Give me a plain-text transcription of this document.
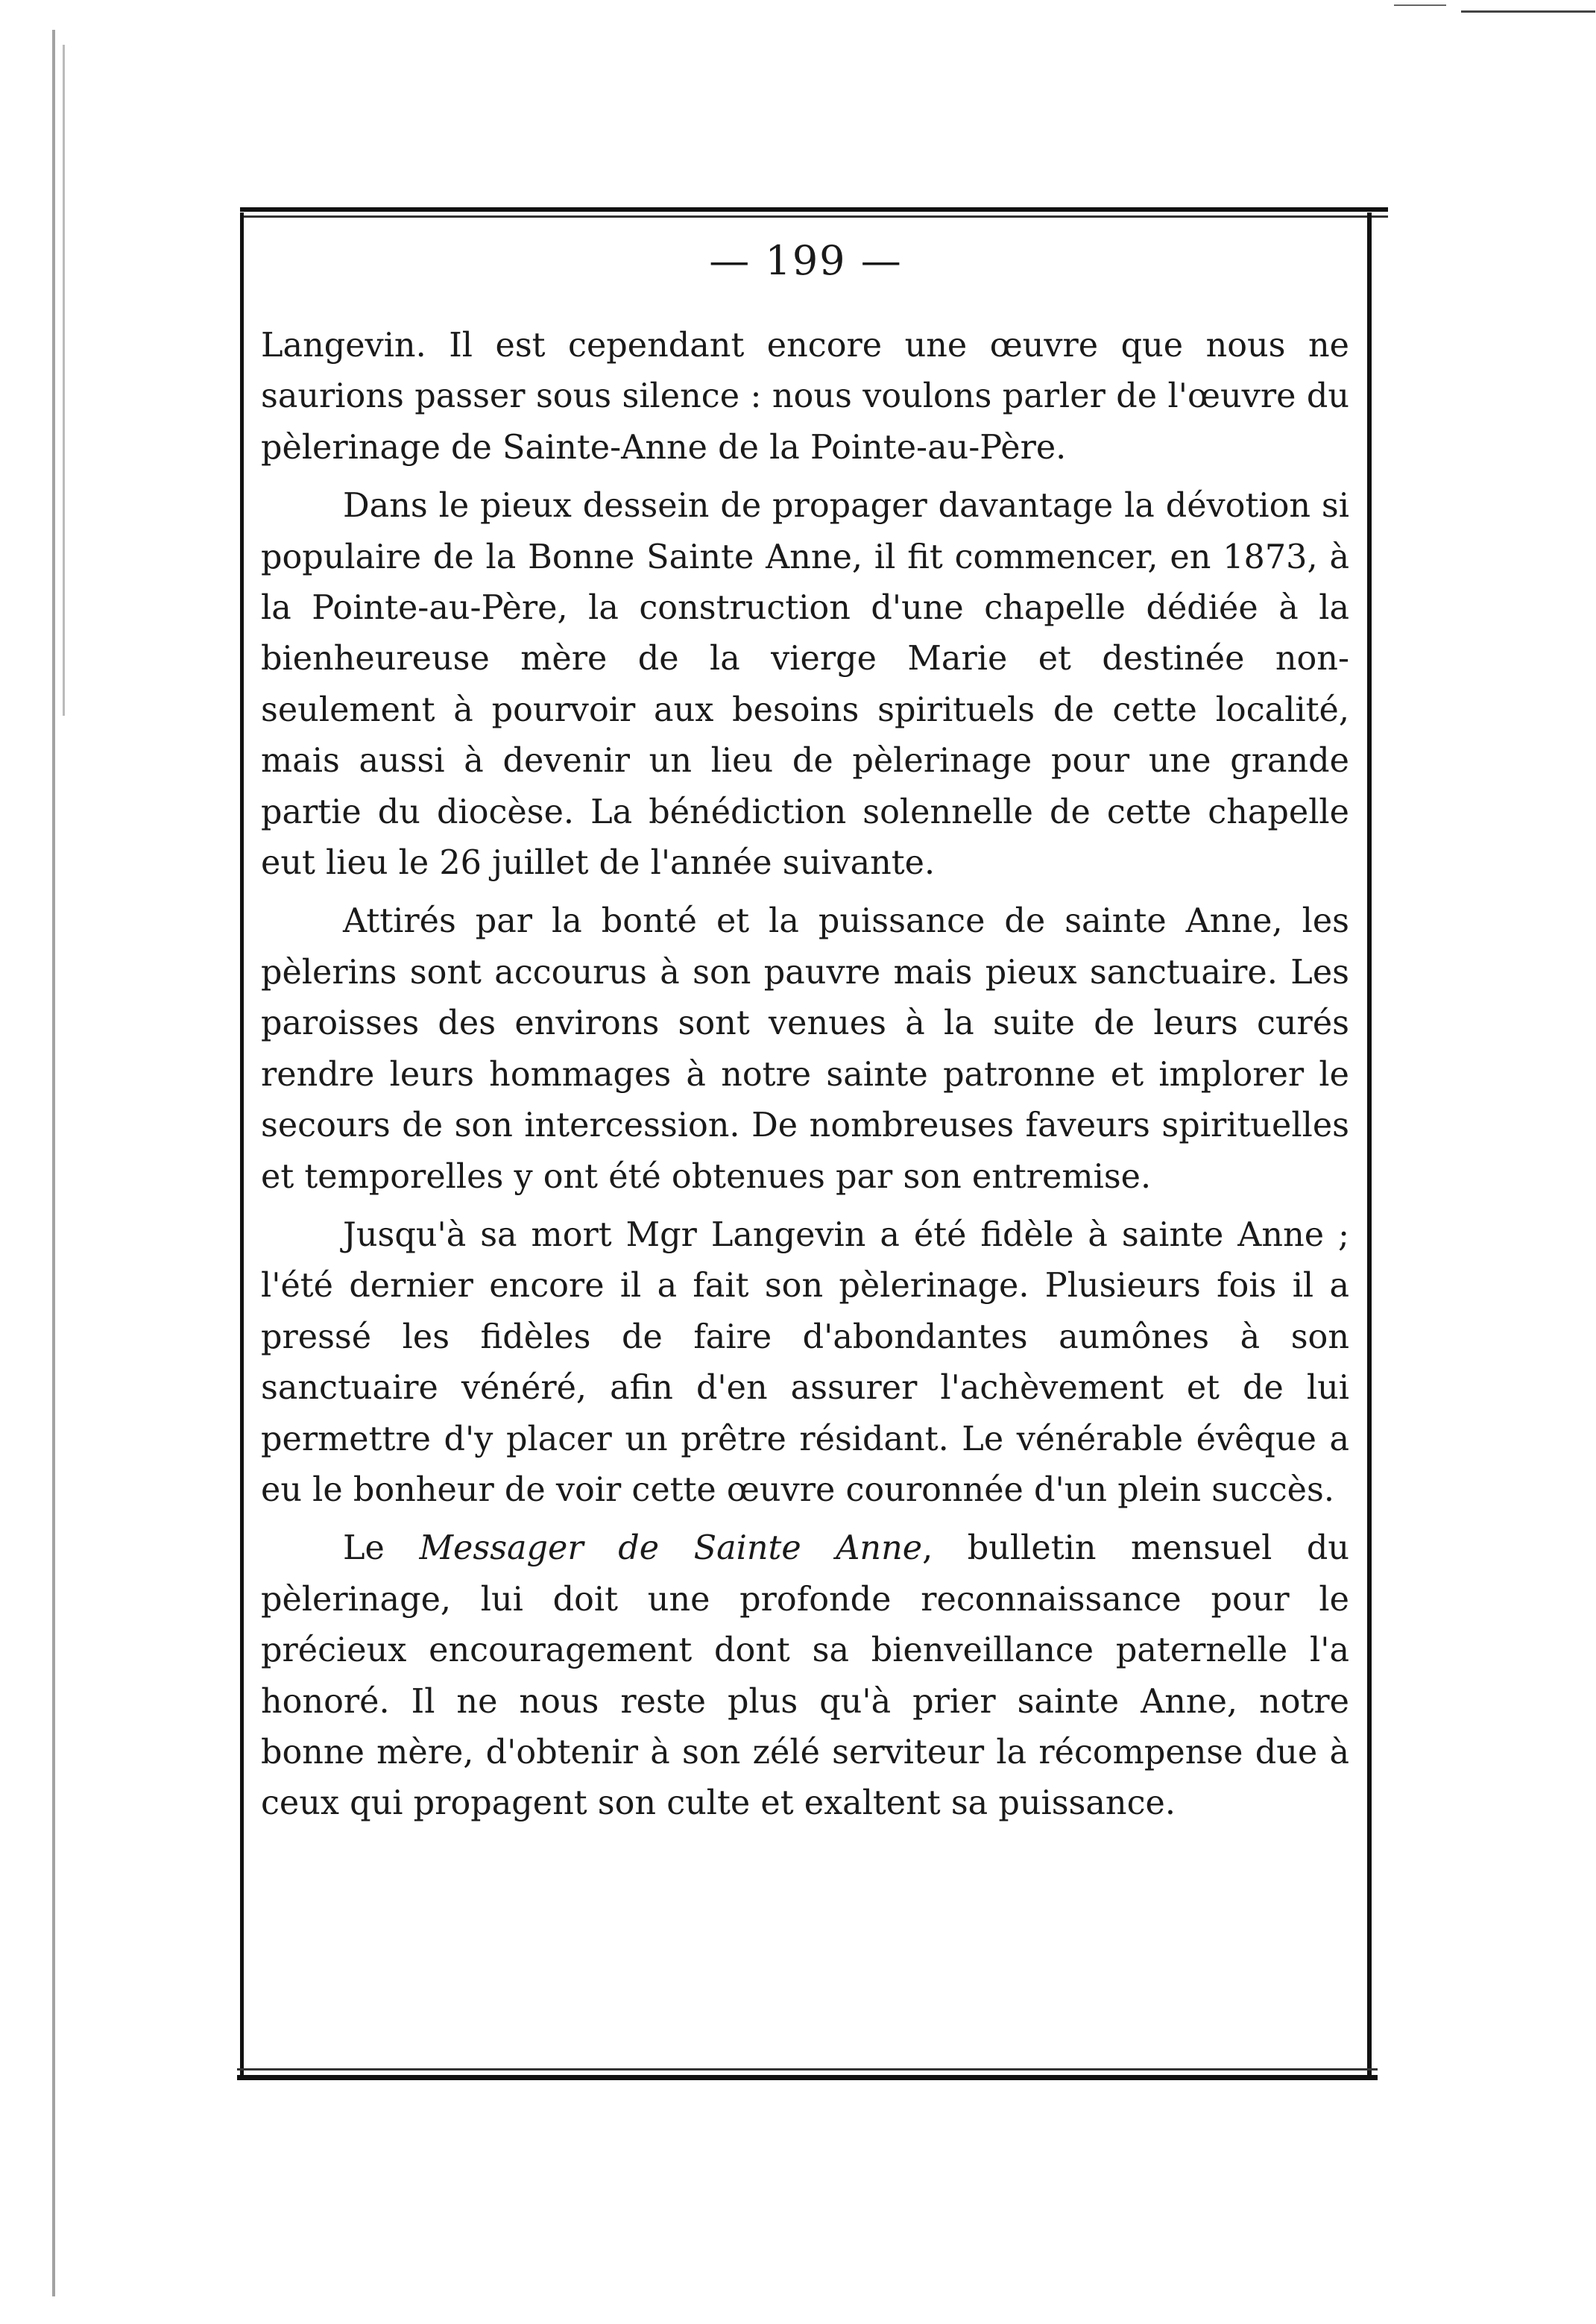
— 199 —

Langevin. Il est cependant encore une œuvre que nous ne saurions passer sous silence : nous voulons parler de l'œuvre du pèlerinage de Sainte-Anne de la Pointe-au-Père.

Dans le pieux dessein de propager davantage la dévotion si populaire de la Bonne Sainte Anne, il fit commencer, en 1873, à la Pointe-au-Père, la construction d'une chapelle dédiée à la bienheureuse mère de la vierge Marie et destinée non-seulement à pourvoir aux besoins spirituels de cette localité, mais aussi à devenir un lieu de pèlerinage pour une grande partie du diocèse. La bénédiction solennelle de cette chapelle eut lieu le 26 juillet de l'année suivante.

Attirés par la bonté et la puissance de sainte Anne, les pèlerins sont accourus à son pauvre mais pieux sanctuaire. Les paroisses des environs sont venues à la suite de leurs curés rendre leurs hommages à notre sainte patronne et implorer le secours de son intercession. De nombreuses faveurs spirituelles et temporelles y ont été obtenues par son entremise.

Jusqu'à sa mort Mgr Langevin a été fidèle à sainte Anne ; l'été dernier encore il a fait son pèlerinage. Plusieurs fois il a pressé les fidèles de faire d'abondantes aumônes à son sanctuaire vénéré, afin d'en assurer l'achèvement et de lui permettre d'y placer un prêtre résidant. Le vénérable évêque a eu le bonheur de voir cette œuvre couronnée d'un plein succès.

Le Messager de Sainte Anne, bulletin mensuel du pèlerinage, lui doit une profonde reconnaissance pour le précieux encouragement dont sa bienveillance paternelle l'a honoré. Il ne nous reste plus qu'à prier sainte Anne, notre bonne mère, d'obtenir à son zélé serviteur la récompense due à ceux qui propagent son culte et exaltent sa puissance.
